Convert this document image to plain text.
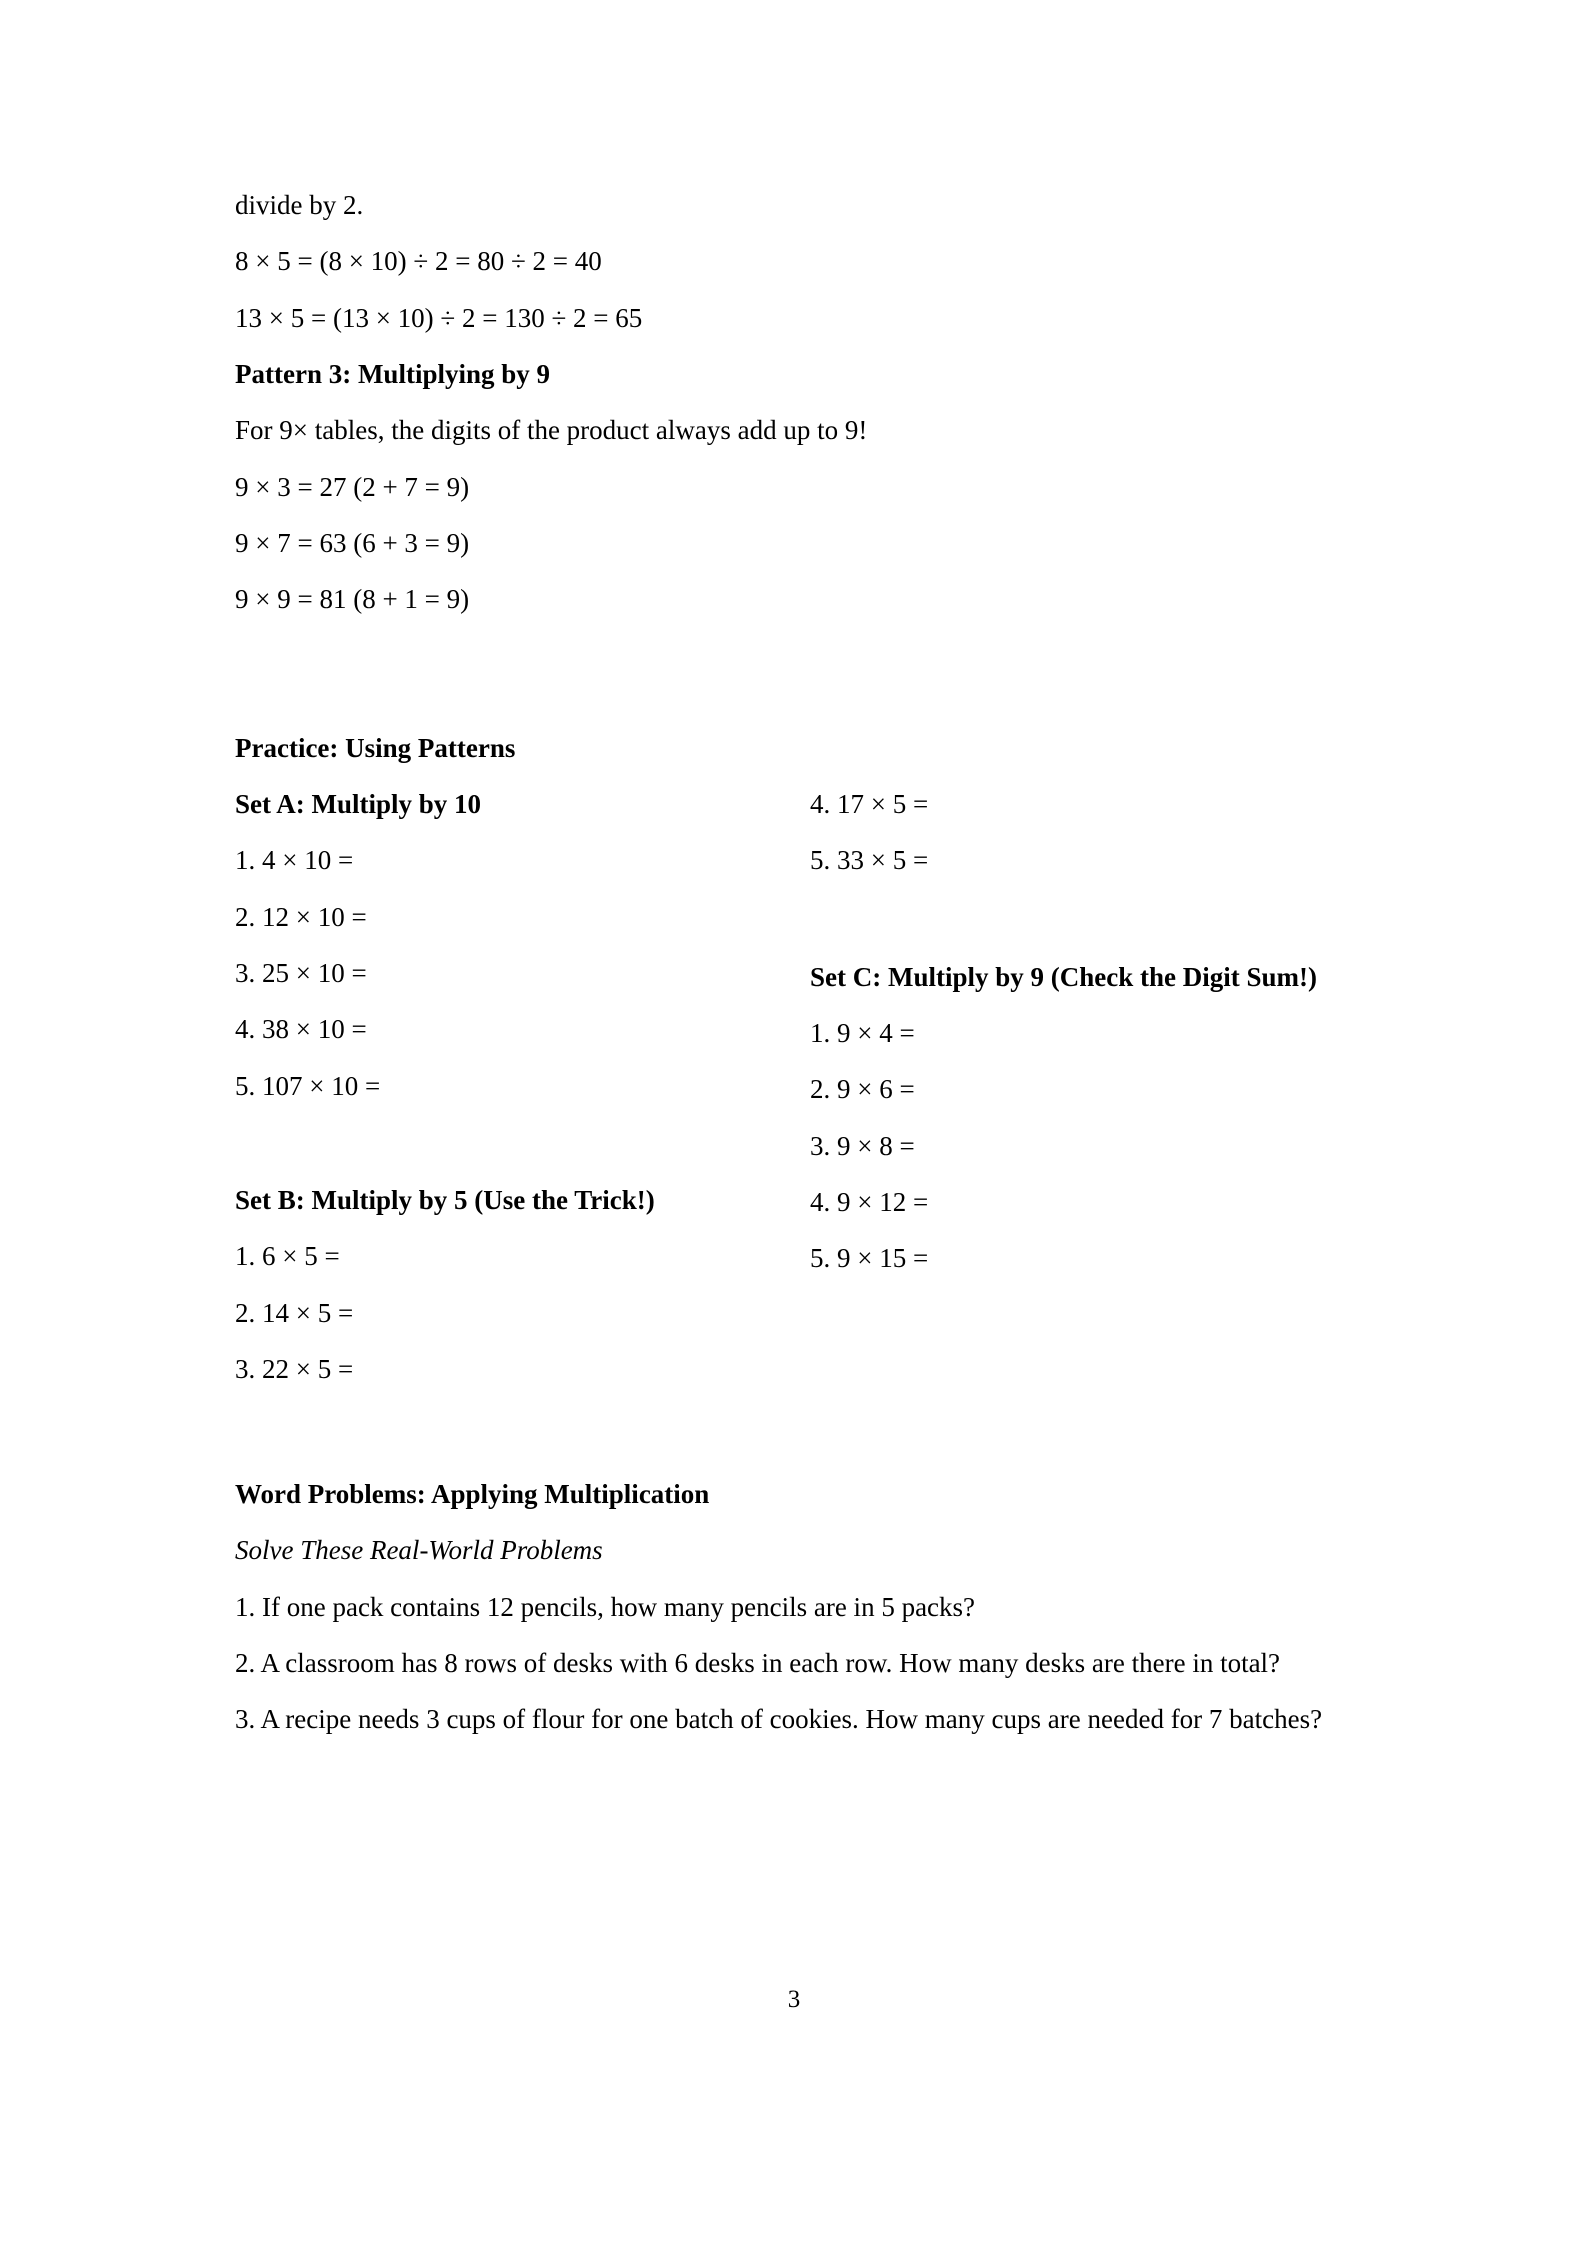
divide by 2.

8 × 5 = (8 × 10) ÷ 2 = 80 ÷ 2 = 40

13 × 5 = (13 × 10) ÷ 2 = 130 ÷ 2 = 65

Pattern 3: Multiplying by 9

For 9× tables, the digits of the product always add up to 9!

9 × 3 = 27 (2 + 7 = 9)

9 × 7 = 63 (6 + 3 = 9)

9 × 9 = 81 (8 + 1 = 9)

Practice: Using Patterns

Set A: Multiply by 10

1. 4 × 10 =

2. 12 × 10 =

3. 25 × 10 =

4. 38 × 10 =

5. 107 × 10 =

Set B: Multiply by 5 (Use the Trick!)

1. 6 × 5 =

2. 14 × 5 =

3. 22 × 5 =

4. 17 × 5 =

5. 33 × 5 =

Set C: Multiply by 9 (Check the Digit Sum!)

1. 9 × 4 =

2. 9 × 6 =

3. 9 × 8 =

4. 9 × 12 =

5. 9 × 15 =

Word Problems: Applying Multiplication

Solve These Real-World Problems

1. If one pack contains 12 pencils, how many pencils are in 5 packs?

2. A classroom has 8 rows of desks with 6 desks in each row. How many desks are there in total?

3. A recipe needs 3 cups of flour for one batch of cookies. How many cups are needed for 7 batches?

3
